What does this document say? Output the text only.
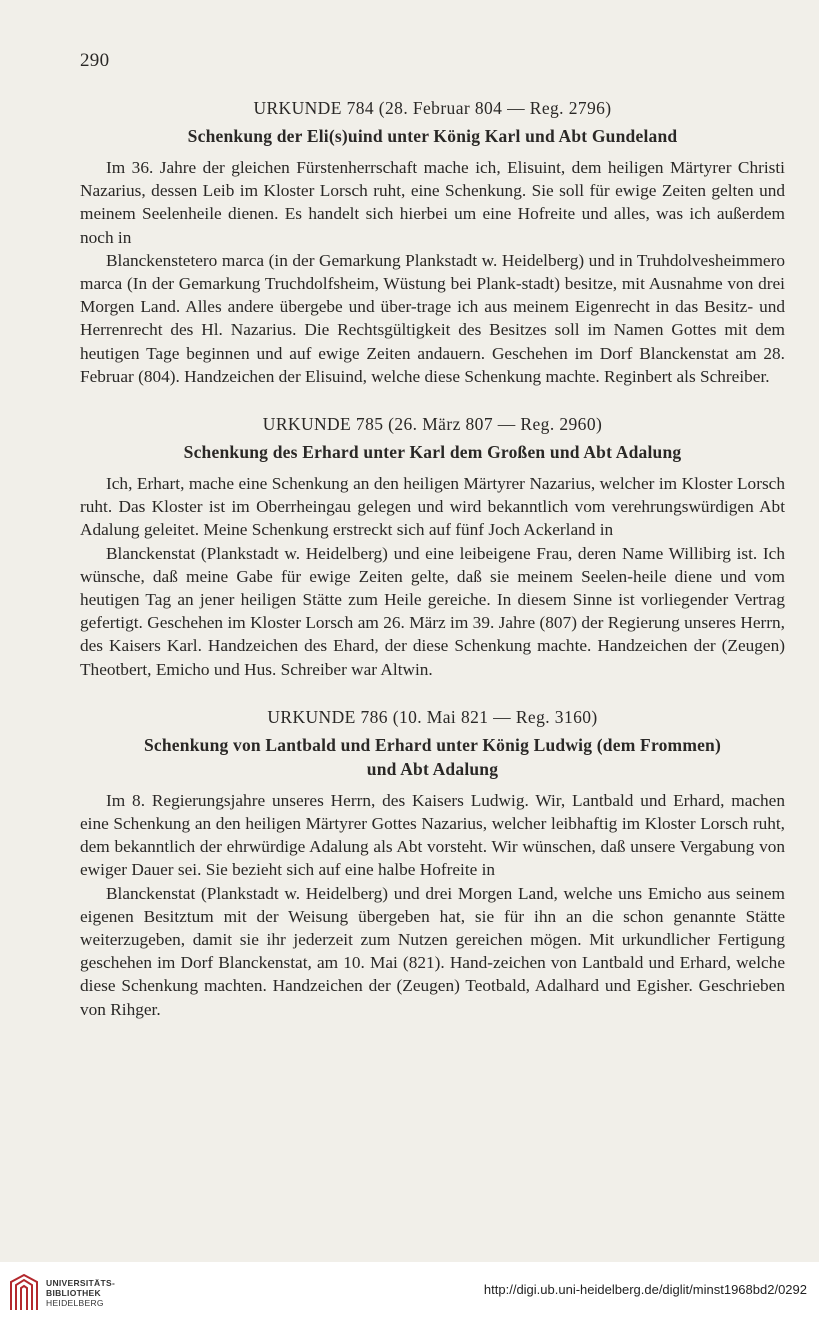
290
URKUNDE 784 (28. Februar 804 — Reg. 2796)
Schenkung der Eli(s)uind unter König Karl und Abt Gundeland

Im 36. Jahre der gleichen Fürstenherrschaft mache ich, Elisuint, dem heiligen Märtyrer Christi Nazarius, dessen Leib im Kloster Lorsch ruht, eine Schenkung. Sie soll für ewige Zeiten gelten und meinem Seelenheile dienen. Es handelt sich hierbei um eine Hofreite und alles, was ich außerdem noch in

Blanckenstetero marca (in der Gemarkung Plankstadt w. Heidelberg) und in Truhdolvesheimmero marca (In der Gemarkung Truchdolfsheim, Wüstung bei Plank-stadt) besitze, mit Ausnahme von drei Morgen Land. Alles andere übergebe und über-trage ich aus meinem Eigenrecht in das Besitz- und Herrenrecht des Hl. Nazarius. Die Rechtsgültigkeit des Besitzes soll im Namen Gottes mit dem heutigen Tage beginnen und auf ewige Zeiten andauern. Geschehen im Dorf Blanckenstat am 28. Februar (804). Handzeichen der Elisuind, welche diese Schenkung machte. Reginbert als Schreiber.

URKUNDE 785 (26. März 807 — Reg. 2960)
Schenkung des Erhard unter Karl dem Großen und Abt Adalung

Ich, Erhart, mache eine Schenkung an den heiligen Märtyrer Nazarius, welcher im Kloster Lorsch ruht. Das Kloster ist im Oberrheingau gelegen und wird bekanntlich vom verehrungswürdigen Abt Adalung geleitet. Meine Schenkung erstreckt sich auf fünf Joch Ackerland in

Blanckenstat (Plankstadt w. Heidelberg) und eine leibeigene Frau, deren Name Willibirg ist. Ich wünsche, daß meine Gabe für ewige Zeiten gelte, daß sie meinem Seelen-heile diene und vom heutigen Tag an jener heiligen Stätte zum Heile gereiche. In diesem Sinne ist vorliegender Vertrag gefertigt. Geschehen im Kloster Lorsch am 26. März im 39. Jahre (807) der Regierung unseres Herrn, des Kaisers Karl. Handzeichen des Ehard, der diese Schenkung machte. Handzeichen der (Zeugen) Theotbert, Emicho und Hus. Schreiber war Altwin.

URKUNDE 786 (10. Mai 821 — Reg. 3160)
Schenkung von Lantbald und Erhard unter König Ludwig (dem Frommen)
und Abt Adalung

Im 8. Regierungsjahre unseres Herrn, des Kaisers Ludwig. Wir, Lantbald und Erhard, machen eine Schenkung an den heiligen Märtyrer Gottes Nazarius, welcher leibhaftig im Kloster Lorsch ruht, dem bekanntlich der ehrwürdige Adalung als Abt vorsteht. Wir wünschen, daß unsere Vergabung von ewiger Dauer sei. Sie bezieht sich auf eine halbe Hofreite in

Blanckenstat (Plankstadt w. Heidelberg) und drei Morgen Land, welche uns Emicho aus seinem eigenen Besitztum mit der Weisung übergeben hat, sie für ihn an die schon genannte Stätte weiterzugeben, damit sie ihr jederzeit zum Nutzen gereichen mögen. Mit urkundlicher Fertigung geschehen im Dorf Blanckenstat, am 10. Mai (821). Hand-zeichen von Lantbald und Erhard, welche diese Schenkung machten. Handzeichen der (Zeugen) Teotbald, Adalhard und Egisher. Geschrieben von Rihger.

UNIVERSITÄTS-
BIBLIOTHEK
HEIDELBERG
http://digi.ub.uni-heidelberg.de/diglit/minst1968bd2/0292
